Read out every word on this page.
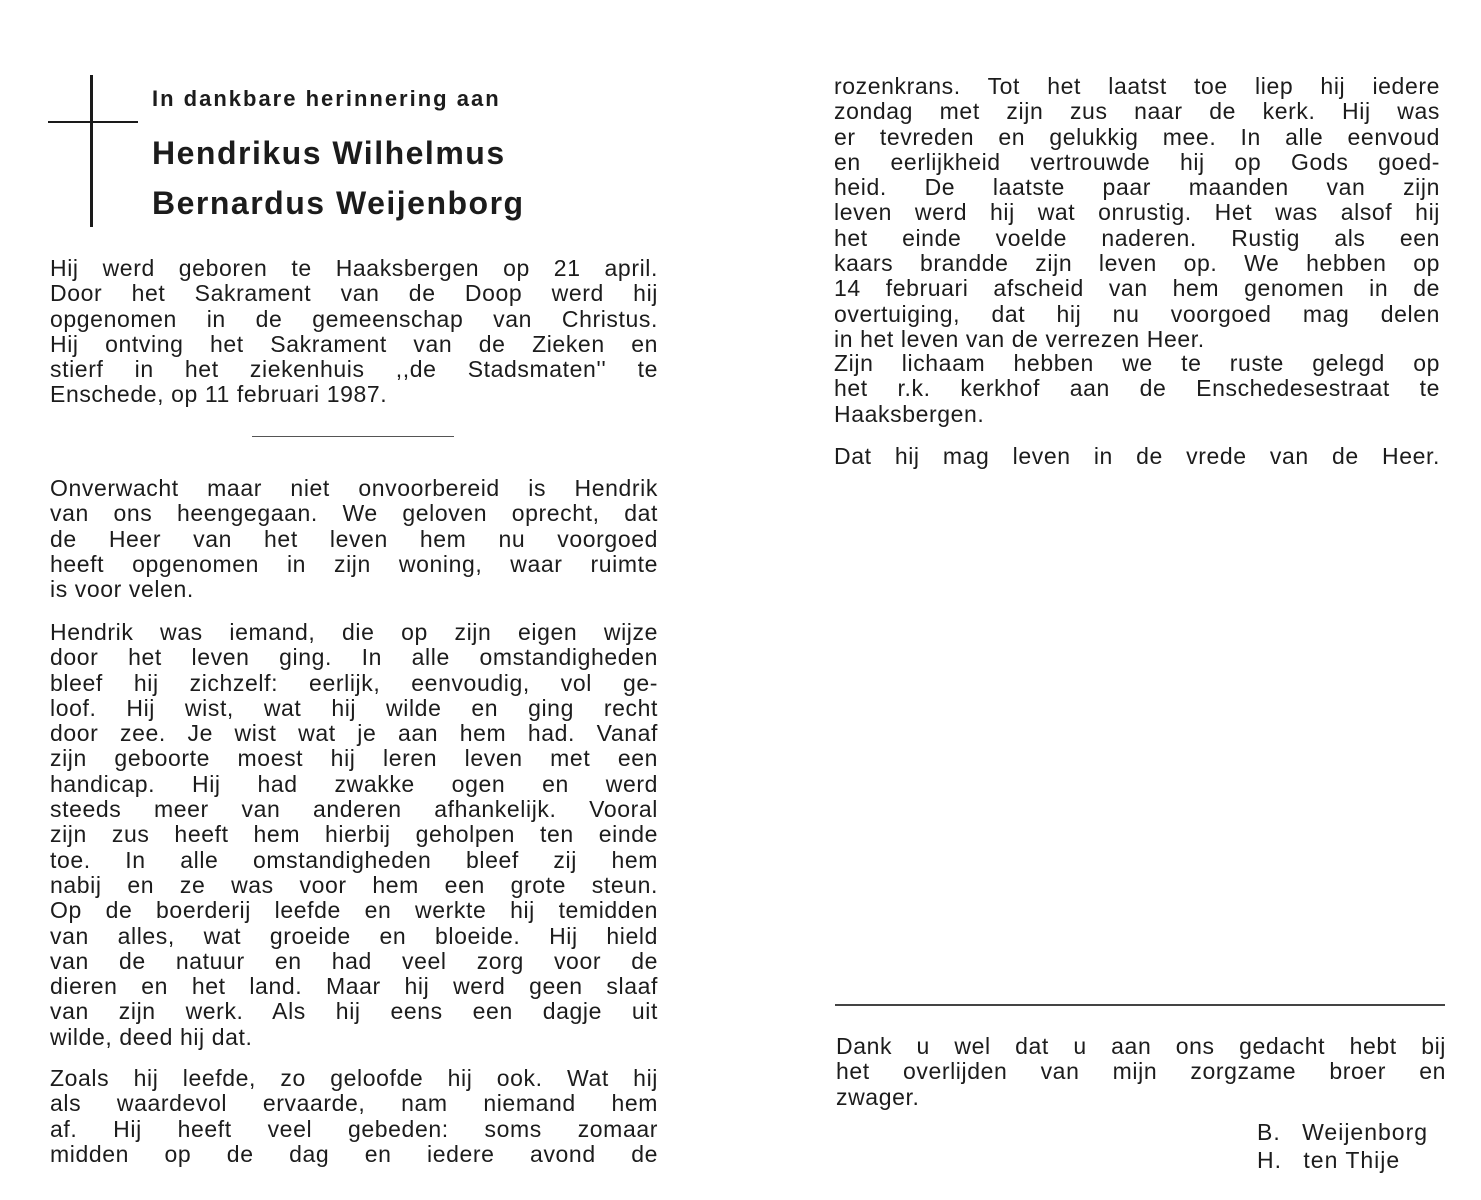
In dankbare herinnering aan
Hendrikus Wilhelmus
Bernardus Weijenborg
Hij werd geboren te Haaksbergen op 21 april.
Door het Sakrament van de Doop werd hij
opgenomen in de gemeenschap van Christus.
Hij ontving het Sakrament van de Zieken en
stierf in het ziekenhuis ,,de Stadsmaten'' te
Enschede, op 11 februari 1987.
Onverwacht maar niet onvoorbereid is Hendrik
van ons heengegaan. We geloven oprecht, dat
de Heer van het leven hem nu voorgoed
heeft opgenomen in zijn woning, waar ruimte
is voor velen.
Hendrik was iemand, die op zijn eigen wijze
door het leven ging. In alle omstandigheden
bleef hij zichzelf: eerlijk, eenvoudig, vol ge-
loof. Hij wist, wat hij wilde en ging recht
door zee. Je wist wat je aan hem had. Vanaf
zijn geboorte moest hij leren leven met een
handicap. Hij had zwakke ogen en werd
steeds meer van anderen afhankelijk. Vooral
zijn zus heeft hem hierbij geholpen ten einde
toe. In alle omstandigheden bleef zij hem
nabij en ze was voor hem een grote steun.
Op de boerderij leefde en werkte hij temidden
van alles, wat groeide en bloeide. Hij hield
van de natuur en had veel zorg voor de
dieren en het land. Maar hij werd geen slaaf
van zijn werk. Als hij eens een dagje uit
wilde, deed hij dat.
Zoals hij leefde, zo geloofde hij ook. Wat hij
als waardevol ervaarde, nam niemand hem
af. Hij heeft veel gebeden: soms zomaar
midden op de dag en iedere avond de
rozenkrans. Tot het laatst toe liep hij iedere
zondag met zijn zus naar de kerk. Hij was
er tevreden en gelukkig mee. In alle eenvoud
en eerlijkheid vertrouwde hij op Gods goed-
heid. De laatste paar maanden van zijn
leven werd hij wat onrustig. Het was alsof hij
het einde voelde naderen. Rustig als een
kaars brandde zijn leven op. We hebben op
14 februari afscheid van hem genomen in de
overtuiging, dat hij nu voorgoed mag delen
in het leven van de verrezen Heer.
Zijn lichaam hebben we te ruste gelegd op
het r.k. kerkhof aan de Enschedesestraat te
Haaksbergen.
Dat hij mag leven in de vrede van de Heer.
Dank u wel dat u aan ons gedacht hebt bij
het overlijden van mijn zorgzame broer en
zwager.
B. Weijenborg
H. ten Thije
